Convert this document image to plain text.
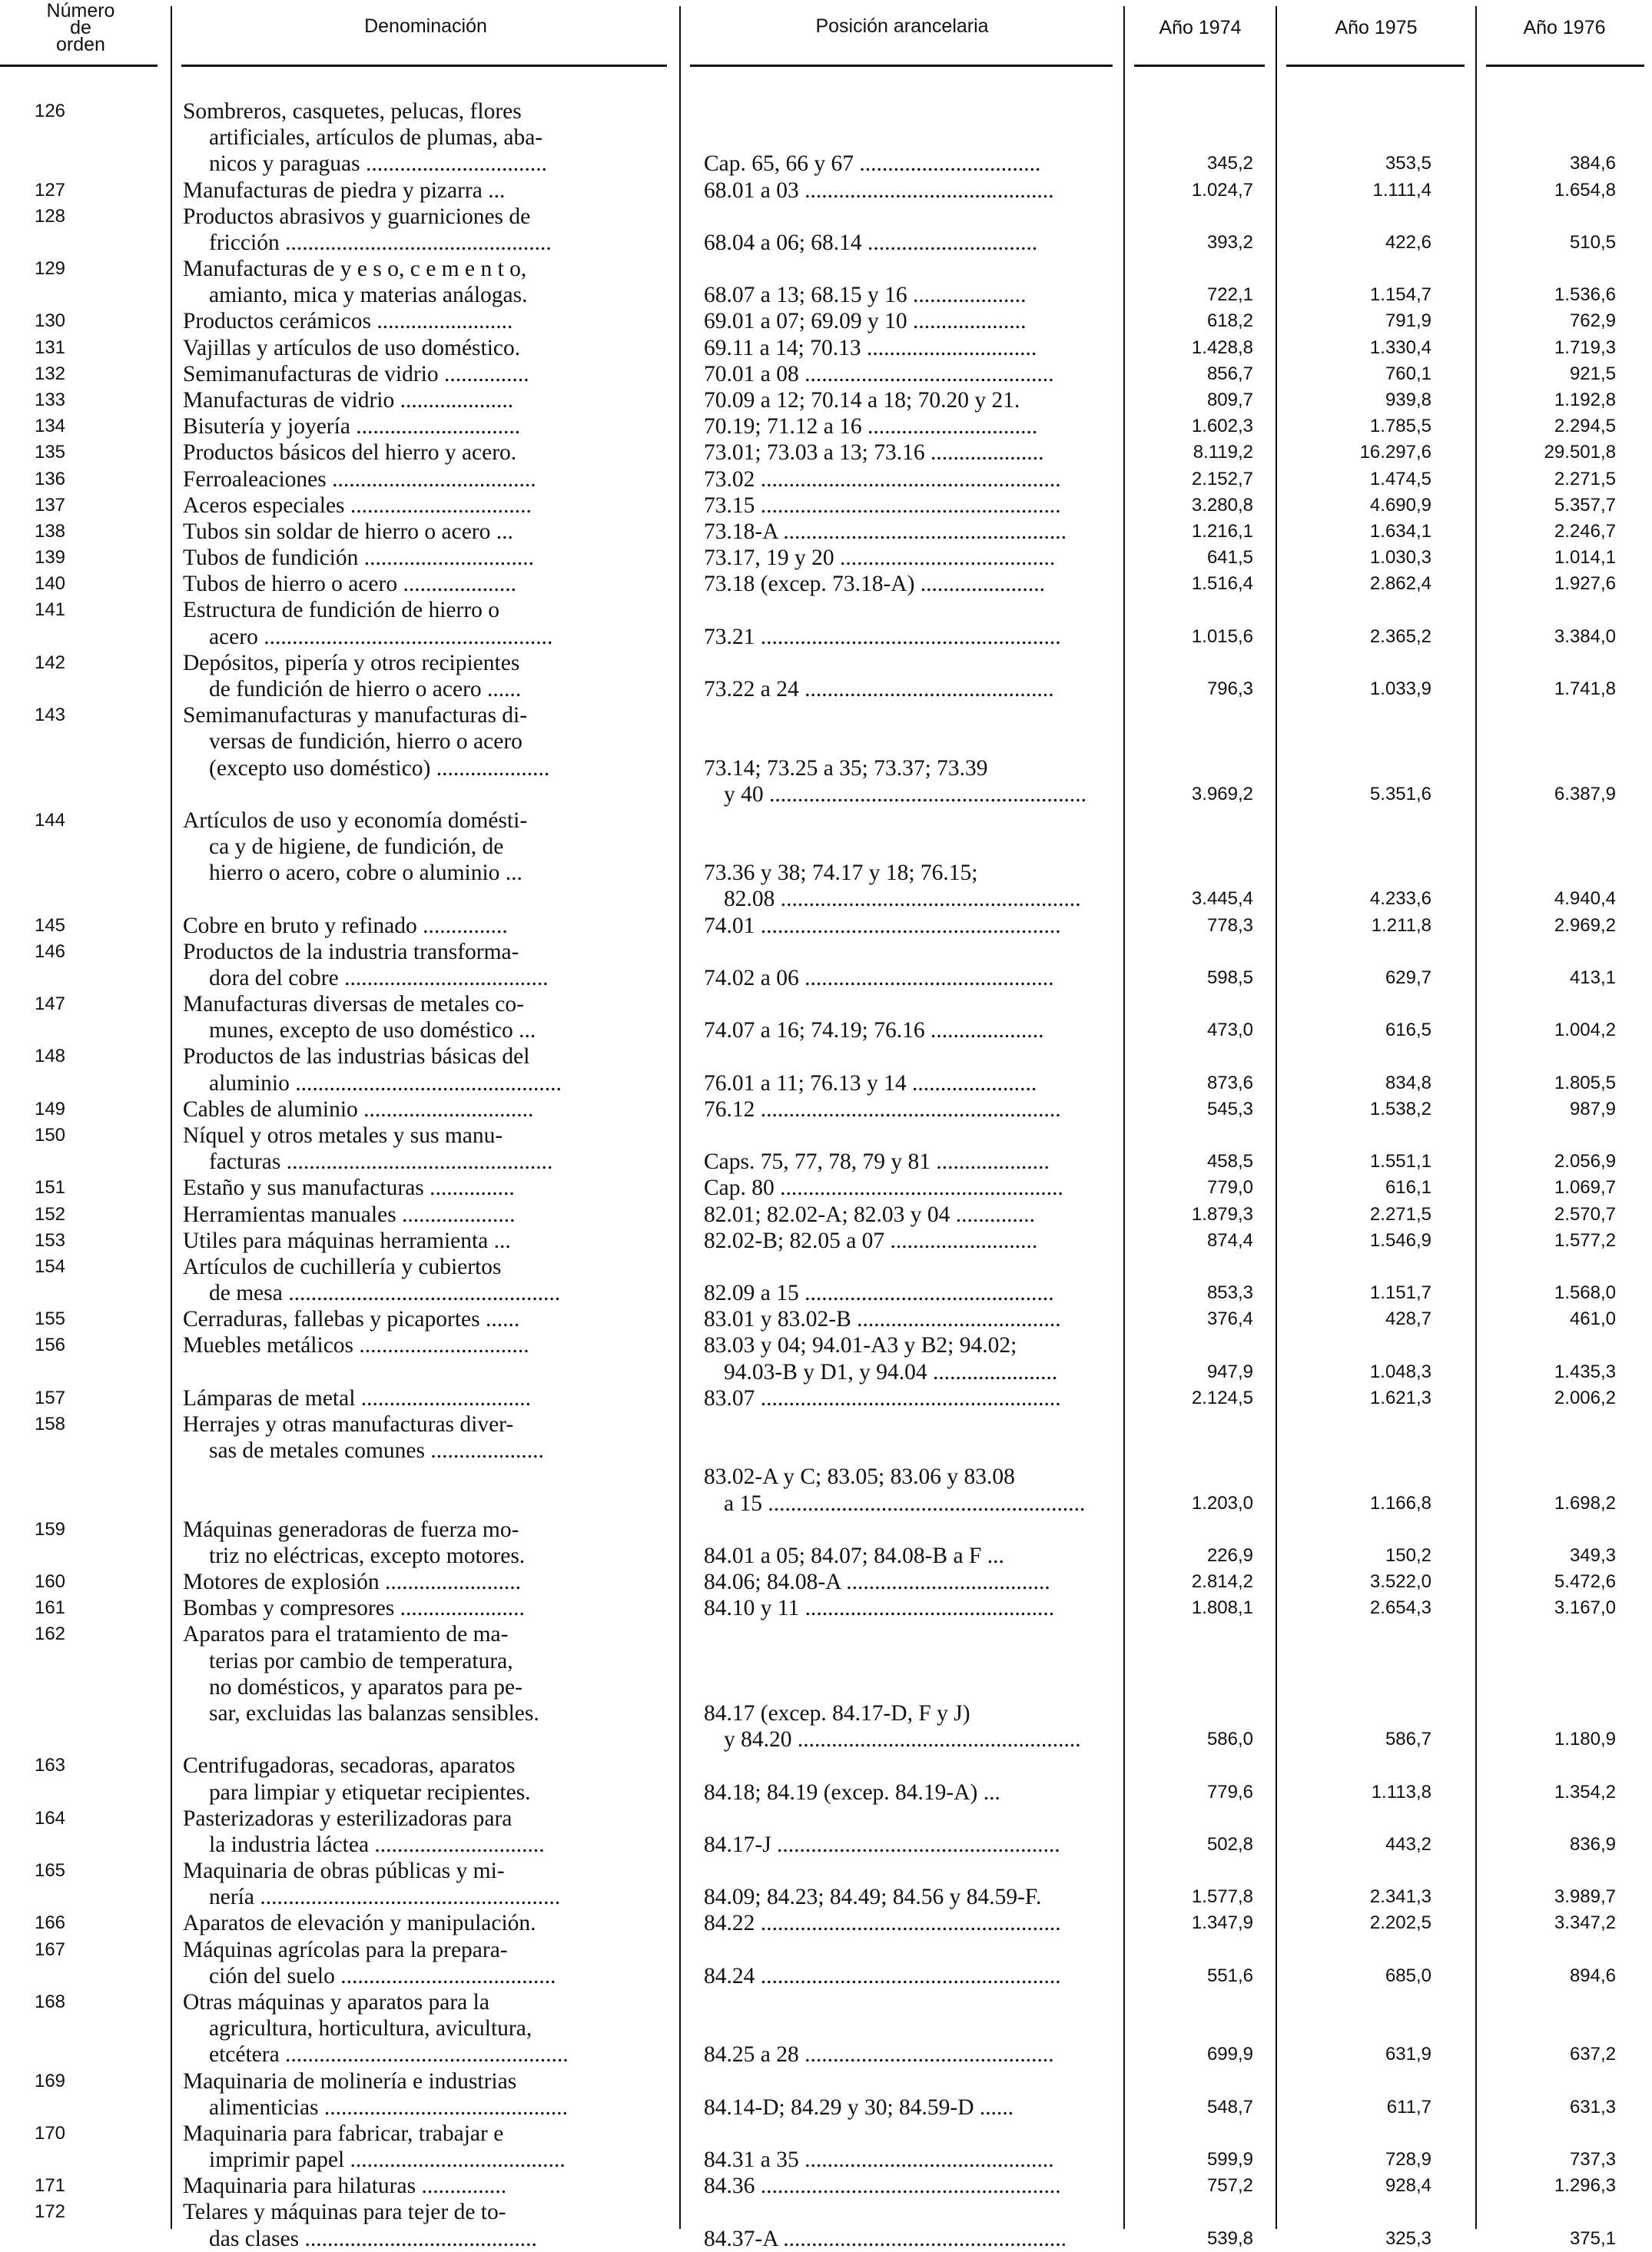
Número
de
orden
Denominación	Posición arancelaria	Año 1974	Año 1975	Año 1976
126	Sombreros, casquetes, pelucas, flores
artificiales, artículos de plumas, aba-
nicos y paraguas ................................	Cap. 65, 66 y 67 ................................	345,2	353,5	384,6
127	Manufacturas de piedra y pizarra ...	68.01 a 03 ............................................	1.024,7	1.111,4	1.654,8
128	Productos abrasivos y guarniciones de
fricción ...............................................	68.04 a 06; 68.14 ..............................	393,2	422,6	510,5
129	Manufacturas de y e s o, c e m e n t o,
amianto, mica y materias análogas.	68.07 a 13; 68.15 y 16 ....................	722,1	1.154,7	1.536,6
130	Productos cerámicos ........................	69.01 a 07; 69.09 y 10 ....................	618,2	791,9	762,9
131	Vajillas y artículos de uso doméstico.	69.11 a 14; 70.13 ..............................	1.428,8	1.330,4	1.719,3
132	Semimanufacturas de vidrio ...............	70.01 a 08 ............................................	856,7	760,1	921,5
133	Manufacturas de vidrio ....................	70.09 a 12; 70.14 a 18; 70.20 y 21.	809,7	939,8	1.192,8
134	Bisutería y joyería .............................	70.19; 71.12 a 16 ..............................	1.602,3	1.785,5	2.294,5
135	Productos básicos del hierro y acero.	73.01; 73.03 a 13; 73.16 ....................	8.119,2	16.297,6	29.501,8
136	Ferroaleaciones ....................................	73.02 .....................................................	2.152,7	1.474,5	2.271,5
137	Aceros especiales ................................	73.15 .....................................................	3.280,8	4.690,9	5.357,7
138	Tubos sin soldar de hierro o acero ...	73.18-A ..................................................	1.216,1	1.634,1	2.246,7
139	Tubos de fundición ..............................	73.17, 19 y 20 ......................................	641,5	1.030,3	1.014,1
140	Tubos de hierro o acero ....................	73.18 (excep. 73.18-A) ......................	1.516,4	2.862,4	1.927,6
141	Estructura de fundición de hierro o
acero ...................................................	73.21 .....................................................	1.015,6	2.365,2	3.384,0
142	Depósitos, pipería y otros recipientes
de fundición de hierro o acero ......	73.22 a 24 ............................................	796,3	1.033,9	1.741,8
143	Semimanufacturas y manufacturas di-
versas de fundición, hierro o acero
(excepto uso doméstico) ....................	73.14; 73.25 a 35; 73.37; 73.39
y 40 ........................................................	3.969,2	5.351,6	6.387,9
144	Artículos de uso y economía domésti-
ca y de higiene, de fundición, de
hierro o acero, cobre o aluminio ...	73.36 y 38; 74.17 y 18; 76.15;
82.08 .....................................................	3.445,4	4.233,6	4.940,4
145	Cobre en bruto y refinado ...............	74.01 .....................................................	778,3	1.211,8	2.969,2
146	Productos de la industria transforma-
dora del cobre ....................................	74.02 a 06 ............................................	598,5	629,7	413,1
147	Manufacturas diversas de metales co-
munes, excepto de uso doméstico ...	74.07 a 16; 74.19; 76.16 ....................	473,0	616,5	1.004,2
148	Productos de las industrias básicas del
aluminio ...............................................	76.01 a 11; 76.13 y 14 ......................	873,6	834,8	1.805,5
149	Cables de aluminio ..............................	76.12 .....................................................	545,3	1.538,2	987,9
150	Níquel y otros metales y sus manu-
facturas ...............................................	Caps. 75, 77, 78, 79 y 81 ....................	458,5	1.551,1	2.056,9
151	Estaño y sus manufacturas ...............	Cap. 80 ..................................................	779,0	616,1	1.069,7
152	Herramientas manuales ....................	82.01; 82.02-A; 82.03 y 04 ..............	1.879,3	2.271,5	2.570,7
153	Utiles para máquinas herramienta ...	82.02-B; 82.05 a 07 ..........................	874,4	1.546,9	1.577,2
154	Artículos de cuchillería y cubiertos
de mesa ................................................	82.09 a 15 ............................................	853,3	1.151,7	1.568,0
155	Cerraduras, fallebas y picaportes ......	83.01 y 83.02-B ....................................	376,4	428,7	461,0
156	Muebles metálicos ..............................	83.03 y 04; 94.01-A3 y B2; 94.02;
94.03-B y D1, y 94.04 ......................	947,9	1.048,3	1.435,3
157	Lámparas de metal ..............................	83.07 .....................................................	2.124,5	1.621,3	2.006,2
158	Herrajes y otras manufacturas diver-
sas de metales comunes ....................
83.02-A y C; 83.05; 83.06 y 83.08
a 15 ........................................................	1.203,0	1.166,8	1.698,2
159	Máquinas generadoras de fuerza mo-
triz no eléctricas, excepto motores.	84.01 a 05; 84.07; 84.08-B a F ...	226,9	150,2	349,3
160	Motores de explosión ........................	84.06; 84.08-A ....................................	2.814,2	3.522,0	5.472,6
161	Bombas y compresores ......................	84.10 y 11 ............................................	1.808,1	2.654,3	3.167,0
162	Aparatos para el tratamiento de ma-
terias por cambio de temperatura,
no domésticos, y aparatos para pe-
sar, excluidas las balanzas sensibles.	84.17 (excep. 84.17-D, F y J)
y 84.20 ..................................................	586,0	586,7	1.180,9
163	Centrifugadoras, secadoras, aparatos
para limpiar y etiquetar recipientes.	84.18; 84.19 (excep. 84.19-A) ...	779,6	1.113,8	1.354,2
164	Pasterizadoras y esterilizadoras para
la industria láctea ..............................	84.17-J ..................................................	502,8	443,2	836,9
165	Maquinaria de obras públicas y mi-
nería .....................................................	84.09; 84.23; 84.49; 84.56 y 84.59-F.	1.577,8	2.341,3	3.989,7
166	Aparatos de elevación y manipulación.	84.22 .....................................................	1.347,9	2.202,5	3.347,2
167	Máquinas agrícolas para la prepara-
ción del suelo ......................................	84.24 .....................................................	551,6	685,0	894,6
168	Otras máquinas y aparatos para la
agricultura, horticultura, avicultura,
etcétera ..................................................	84.25 a 28 ............................................	699,9	631,9	637,2
169	Maquinaria de molinería e industrias
alimenticias ...........................................	84.14-D; 84.29 y 30; 84.59-D ......	548,7	611,7	631,3
170	Maquinaria para fabricar, trabajar e
imprimir papel ......................................	84.31 a 35 ............................................	599,9	728,9	737,3
171	Maquinaria para hilaturas ...............	84.36 .....................................................	757,2	928,4	1.296,3
172	Telares y máquinas para tejer de to-
das clases .........................................	84.37-A ..................................................	539,8	325,3	375,1
